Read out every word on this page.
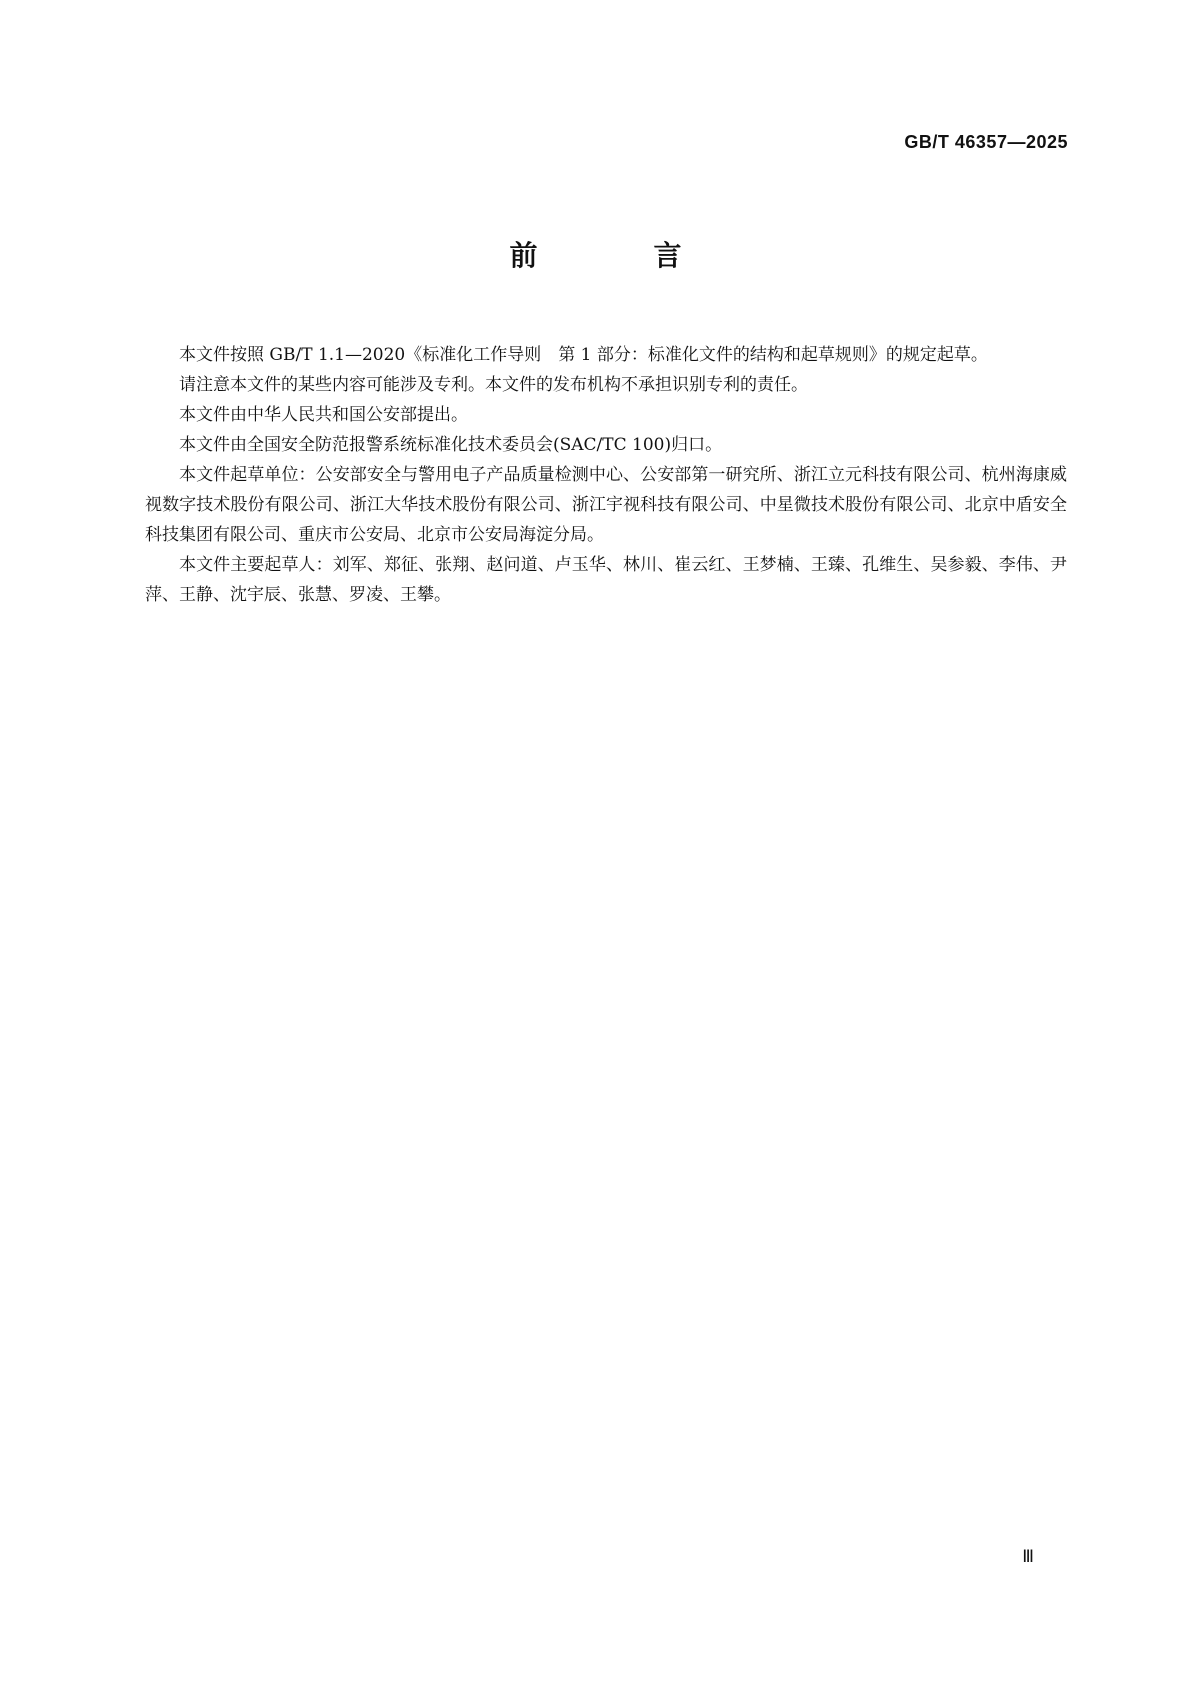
GB/T 46357—2025
前　言

本文件按照 GB/T 1.1—2020《标准化工作导则　第 1 部分：标准化文件的结构和起草规则》的规定起草。

请注意本文件的某些内容可能涉及专利。本文件的发布机构不承担识别专利的责任。

本文件由中华人民共和国公安部提出。

本文件由全国安全防范报警系统标准化技术委员会(SAC/TC 100)归口。

本文件起草单位：公安部安全与警用电子产品质量检测中心、公安部第一研究所、浙江立元科技有限公司、杭州海康威视数字技术股份有限公司、浙江大华技术股份有限公司、浙江宇视科技有限公司、中星微技术股份有限公司、北京中盾安全科技集团有限公司、重庆市公安局、北京市公安局海淀分局。

本文件主要起草人：刘军、郑征、张翔、赵问道、卢玉华、林川、崔云红、王梦楠、王臻、孔维生、吴参毅、李伟、尹萍、王静、沈宇辰、张慧、罗凌、王攀。

Ⅲ
